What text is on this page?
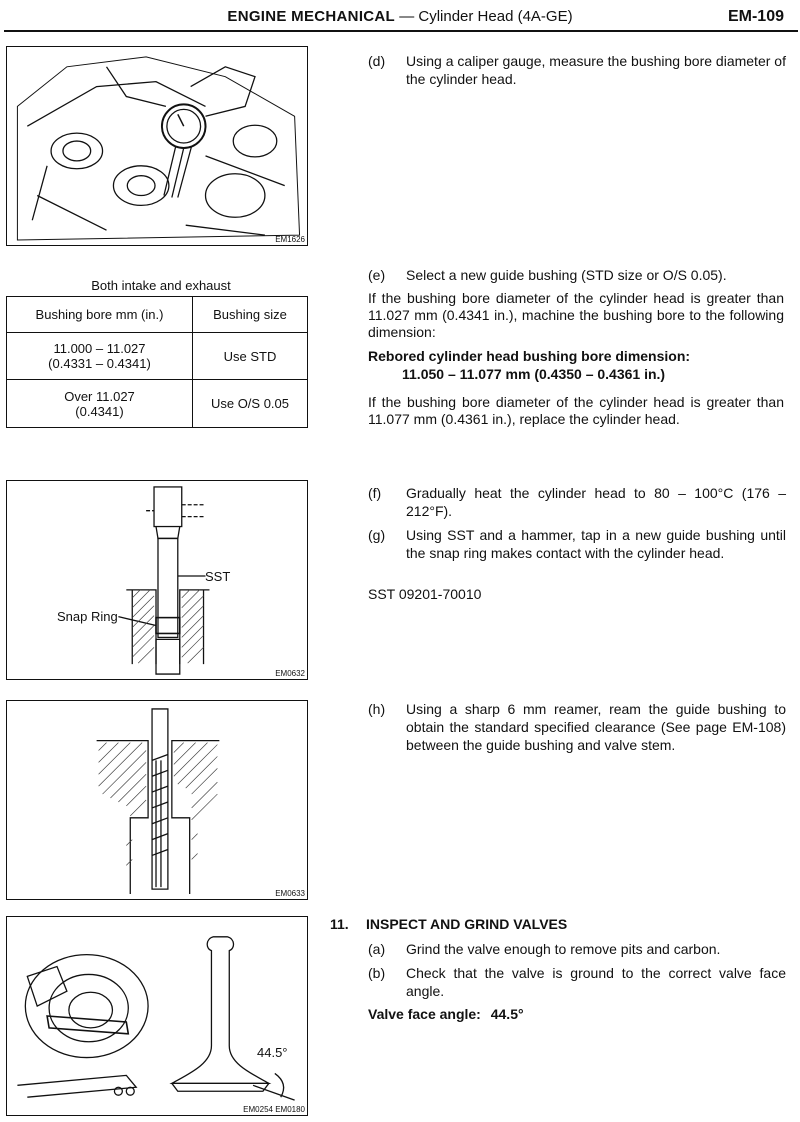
ENGINE MECHANICAL — Cylinder Head (4A-GE)	EM-109
EM1626
(d) Using a caliper gauge, measure the bushing bore diameter of the cylinder head.
Both intake and exhaust
Bushing bore mm (in.)	Bushing size

11.000 – 11.027
(0.4331 – 0.4341)	Use STD

Over 11.027
(0.4341)	Use O/S 0.05
(e) Select a new guide bushing (STD size or O/S 0.05).
If the bushing bore diameter of the cylinder head is greater than 11.027 mm (0.4341 in.), machine the bushing bore to the following dimension:
Rebored cylinder head bushing bore dimension:
11.050 – 11.077 mm (0.4350 – 0.4361 in.)
If the bushing bore diameter of the cylinder head is greater than 11.077 mm (0.4361 in.), replace the cylinder head.
SST
Snap Ring
EM0632
(f) Gradually heat the cylinder head to 80 – 100°C (176 – 212°F).
(g) Using SST and a hammer, tap in a new guide bushing until the snap ring makes contact with the cylinder head.
SST 09201-70010
EM0633
(h) Using a sharp 6 mm reamer, ream the guide bushing to obtain the standard specified clearance (See page EM-108) between the guide bushing and valve stem.
44.5°
EM0254 EM0180
11. INSPECT AND GRIND VALVES
(a) Grind the valve enough to remove pits and carbon.
(b) Check that the valve is ground to the correct valve face angle.
Valve face angle: 44.5°
